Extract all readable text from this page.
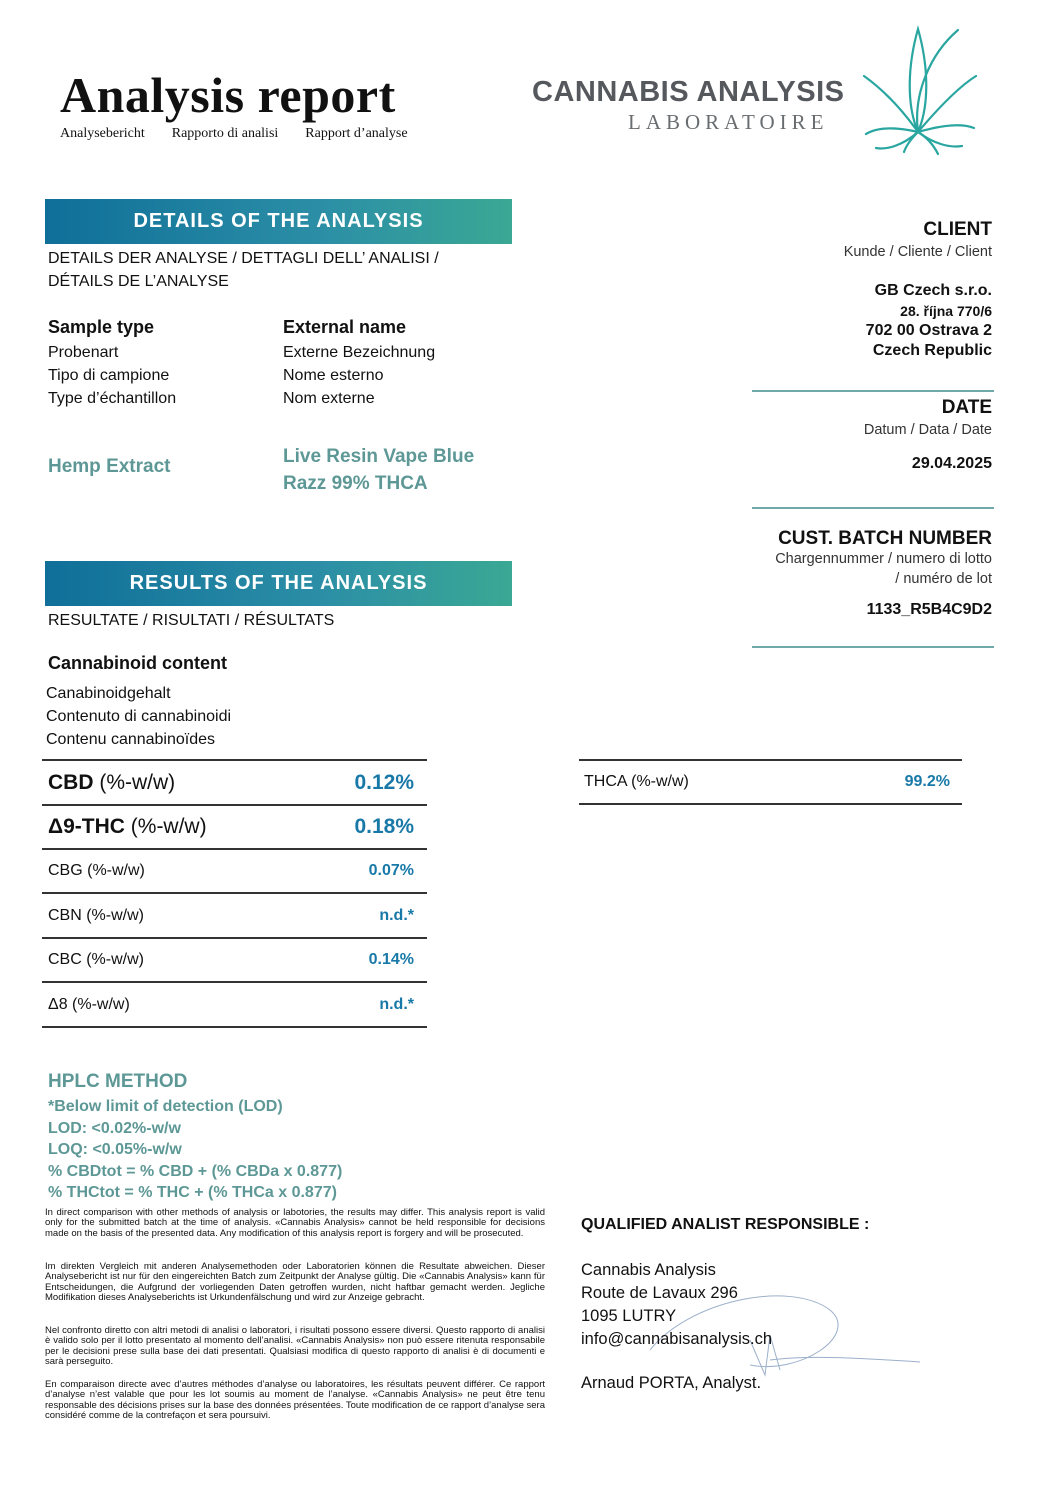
Analysis report
Analysebericht Rapporto di analisi Rapport d’analyse
CANNABIS ANALYSIS
LABORATOIRE
DETAILS OF THE ANALYSIS
DETAILS DER ANALYSE / DETTAGLI DELL’ ANALISI /
DÉTAILS DE L’ANALYSE
Sample type
Probenart
Tipo di campione
Type d’échantillon
External name
Externe Bezeichnung
Nome esterno
Nom externe
Hemp Extract	Live Resin Vape Blue
Razz 99% THCA
CLIENT
Kunde / Cliente / Client
GB Czech s.r.o.
28. října 770/6
702 00 Ostrava 2
Czech Republic
DATE
Datum / Data / Date
29.04.2025
CUST. BATCH NUMBER
Chargennummer / numero di lotto
/ numéro de lot
1133_R5B4C9D2
RESULTS OF THE ANALYSIS
RESULTATE / RISULTATI / RÉSULTATS
Cannabinoid content
Canabinoidgehalt
Contenuto di cannabinoidi
Contenu cannabinoïdes
CBD (%-w/w)	0.12%
Δ9-THC (%-w/w)	0.18%
CBG (%-w/w)	0.07%
CBN (%-w/w)	n.d.*
CBC (%-w/w)	0.14%
Δ8 (%-w/w)	n.d.*
THCA (%-w/w)	99.2%
HPLC METHOD
*Below limit of detection (LOD)
LOD: <0.02%-w/w
LOQ: <0.05%-w/w
% CBDtot = % CBD + (% CBDa x 0.877)
% THCtot = % THC + (% THCa x 0.877)
In direct comparison with other methods of analysis or labotories, the results may differ. This analysis report is valid only for the submitted batch at the time of analysis. «Cannabis Analysis» cannot be held responsible for decisions made on the basis of the presented data. Any modification of this analysis report is forgery and will be prosecuted.
Im direkten Vergleich mit anderen Analysemethoden oder Laboratorien können die Resultate abweichen. Dieser Analysebericht ist nur für den eingereichten Batch zum Zeitpunkt der Analyse gültig. Die «Cannabis Analysis» kann für Entscheidungen, die Aufgrund der vorliegenden Daten getroffen wurden, nicht haftbar gemacht werden. Jegliche Modifikation dieses Analyseberichts ist Urkundenfälschung und wird zur Anzeige gebracht.
Nel confronto diretto con altri metodi di analisi o laboratori, i risultati possono essere diversi. Questo rapporto di analisi è valido solo per il lotto presentato al momento dell’analisi. «Cannabis Analysis» non può essere ritenuta responsabile per le decisioni prese sulla base dei dati presentati. Qualsiasi modifica di questo rapporto di analisi è di documenti e sarà perseguito.
En comparaison directe avec d’autres méthodes d’analyse ou laboratoires, les résultats peuvent différer. Ce rapport d’analyse n’est valable que pour les lot soumis au moment de l’analyse. «Cannabis Analysis» ne peut être tenu responsable des décisions prises sur la base des données présentées. Toute modification de ce rapport d’analyse sera considéré comme de la contrefaçon et sera poursuivi.
QUALIFIED ANALIST RESPONSIBLE :
Cannabis Analysis
Route de Lavaux 296
1095 LUTRY
info@cannabisanalysis.ch
Arnaud PORTA, Analyst.
